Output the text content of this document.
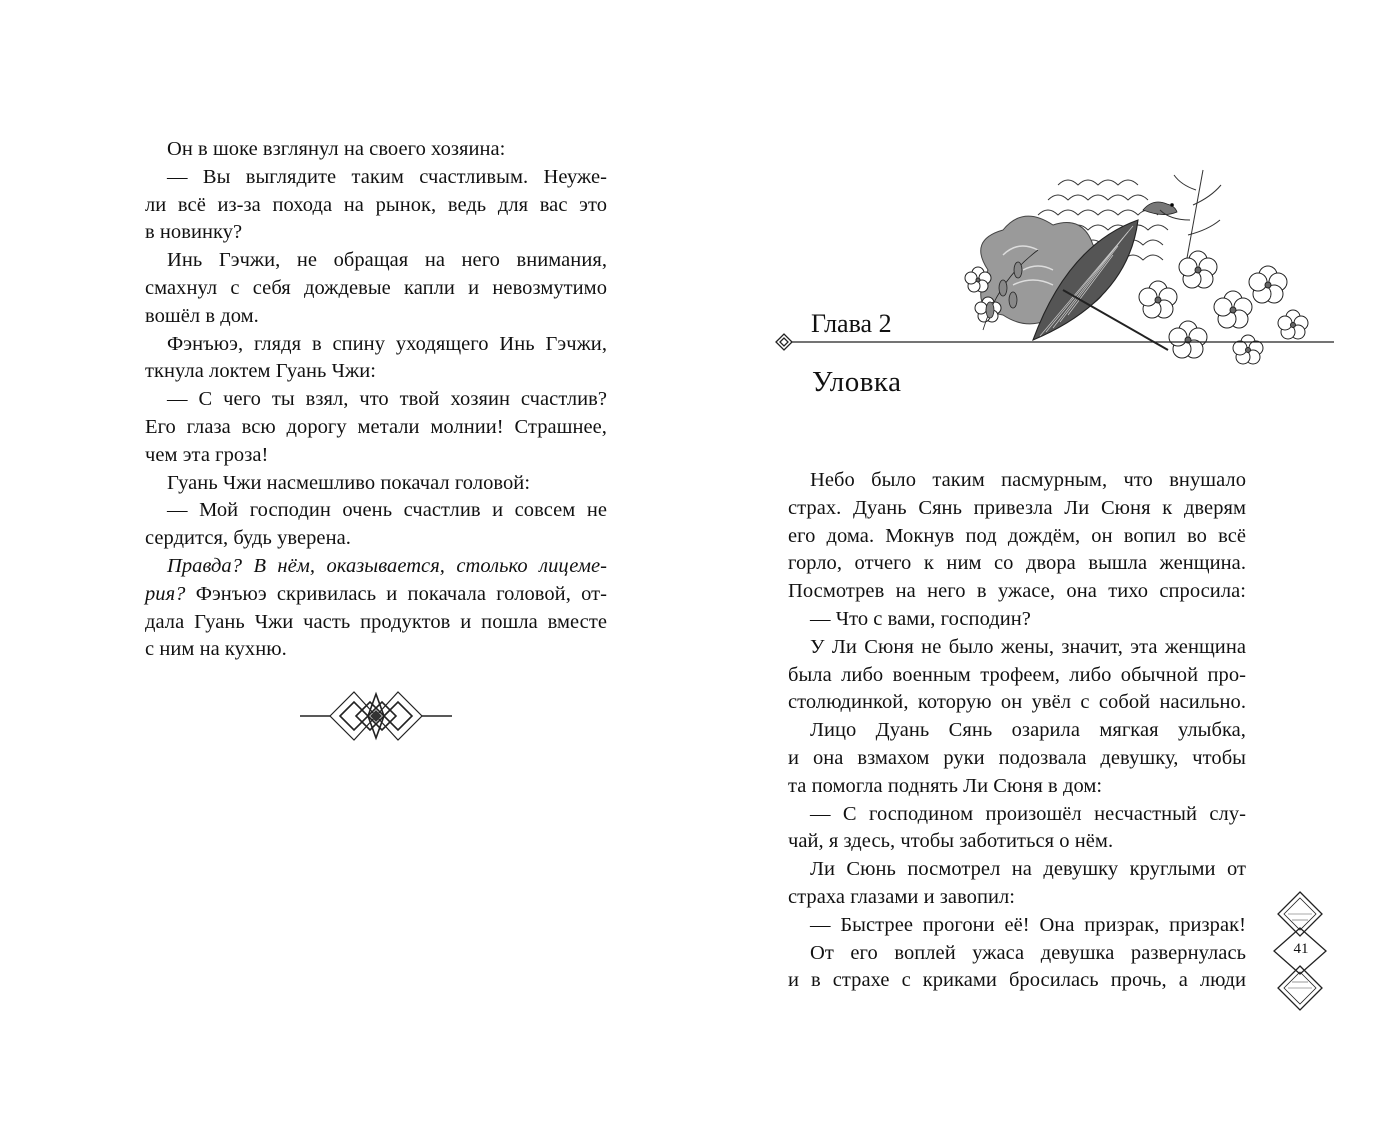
Он в шоке взглянул на своего хозяина:
— Вы выглядите таким счастливым. Неуже-
ли всё из-за похода на рынок, ведь для вас это
в новинку?
Инь Гэчжи, не обращая на него внимания,
смахнул с себя дождевые капли и невозмутимо
вошёл в дом.
Фэнъюэ, глядя в спину уходящего Инь Гэчжи,
ткнула локтем Гуань Чжи:
— С чего ты взял, что твой хозяин счастлив?
Его глаза всю дорогу метали молнии! Страшнее,
чем эта гроза!
Гуань Чжи насмешливо покачал головой:
— Мой господин очень счастлив и совсем не
сердится, будь уверена.
Правда? В нём, оказывается, столько лицеме-
рия? Фэнъюэ скривилась и покачала головой, от-
дала Гуань Чжи часть продуктов и пошла вместе
с ним на кухню.
Глава 2
Уловка
Небо было таким пасмурным, что внушало
страх. Дуань Сянь привезла Ли Сюня к дверям
его дома. Мокнув под дождём, он вопил во всё
горло, отчего к ним со двора вышла женщина.
Посмотрев на него в ужасе, она тихо спросила:
— Что с вами, господин?
У Ли Сюня не было жены, значит, эта женщина
была либо военным трофеем, либо обычной про-
столюдинкой, которую он увёл с собой насильно.
Лицо Дуань Сянь озарила мягкая улыбка,
и она взмахом руки подозвала девушку, чтобы
та помогла поднять Ли Сюня в дом:
— С господином произошёл несчастный слу-
чай, я здесь, чтобы заботиться о нём.
Ли Сюнь посмотрел на девушку круглыми от
страха глазами и завопил:
— Быстрее прогони её! Она призрак, призрак!
От его воплей ужаса девушка развернулась
и в страхе с криками бросилась прочь, а люди
41
